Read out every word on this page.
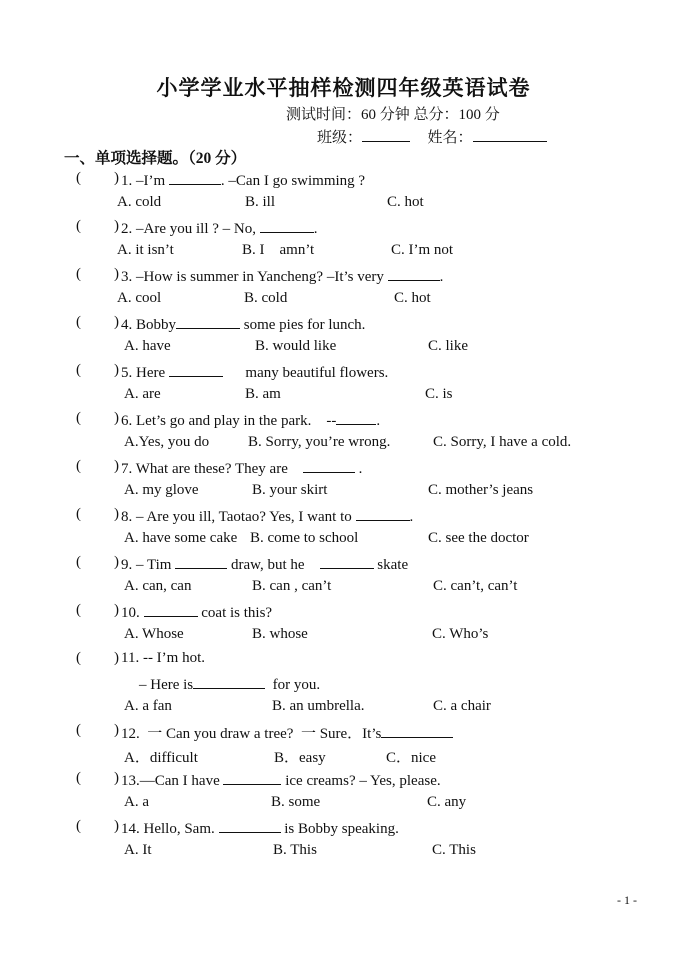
小学学业水平抽样检测四年级英语试卷
测试时间：60 分钟 总分：100 分
班级：	姓名：
一、单项选择题。（20 分）
( ) 1. –I’m	. –Can I go swimming ?
A. cold	B. ill	C. hot
( ) 2. –Are you ill ? – No,	.
A. it isn’t	B. I    amn’t	C. I’m not
( ) 3. –How is summer in Yancheng? –It’s very	.
A. cool	B. cold	C. hot
( ) 4. Bobby	some pies for lunch.
A. have	B. would like	C. like
( ) 5. Here	many beautiful flowers.
A. are	B. am	C. is
( ) 6. Let’s go and play in the park.    --	.
A.Yes, you do	B. Sorry, you’re wrong.	C. Sorry, I have a cold.
( ) 7. What are these? They are	.
A. my glove	B. your skirt	C. mother’s jeans
( ) 8. – Are you ill, Taotao? Yes, I want to	.
A. have some cake B. come to school	C. see the doctor
( ) 9. – Tim	draw, but he	skate
A. can, can	B. can , can’t	C. can’t, can’t
( ) 10.	coat is this?
A. Whose	B. whose	C. Who’s
( ) 11. -- I’m hot.
– Here is	for you.
A. a fan	B. an umbrella.	C. a chair
( ) 12.  一 Can you draw a tree?  一 Sure．It’s
A．difficult	B．easy	C．nice
( ) 13.—Can I have	ice creams? – Yes, please.
A. a	B. some	C. any
( ) 14. Hello, Sam.	is Bobby speaking.
A. It	B. This	C. This
- 1 -
